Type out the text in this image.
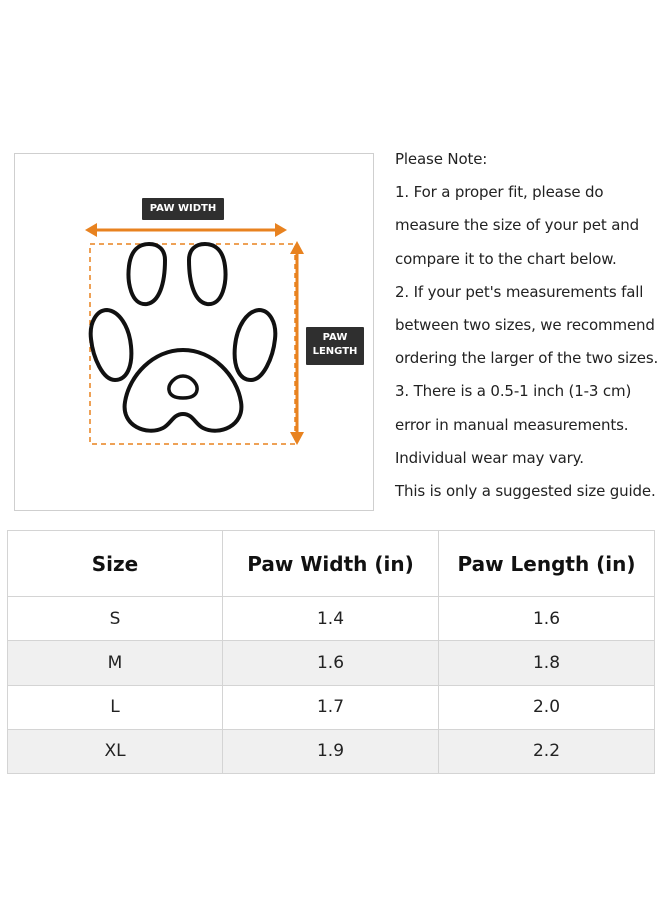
PAW WIDTH
PAW
LENGTH
Please Note:
1. For a proper fit, please do
measure the size of your pet and
compare it to the chart below.
2. If your pet's measurements fall
between two sizes, we recommend
ordering the larger of the two sizes.
3. There is a 0.5-1 inch (1-3 cm)
error in manual measurements.
Individual wear may vary.
This is only a suggested size guide.
Size	Paw Width (in)	Paw Length (in)
S	1.4	1.6
M	1.6	1.8
L	1.7	2.0
XL	1.9	2.2
